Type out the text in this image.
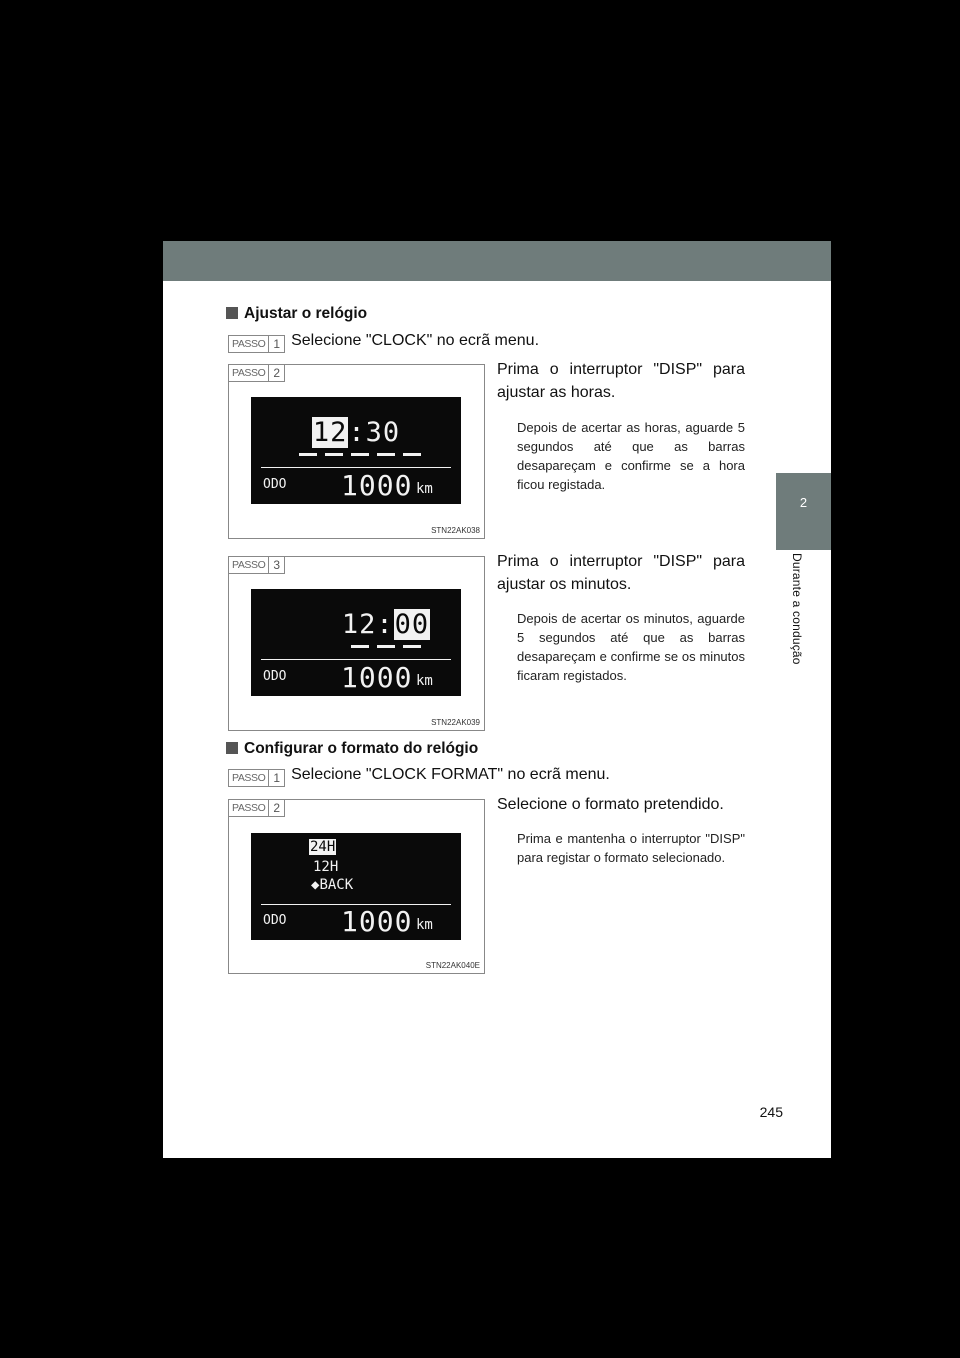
2
Durante a condução
Ajustar o relógio
PASSO 1 Selecione "CLOCK" no ecrã menu.
PASSO 2
12:30
ODO 1000 km
STN22AK038
Prima o interruptor "DISP" para ajustar as horas.
Depois de acertar as horas, aguarde 5 segundos até que as barras desapareçam e confirme se a hora ficou registada.
PASSO 3
12:00
ODO 1000 km
STN22AK039
Prima o interruptor "DISP" para ajustar os minutos.
Depois de acertar os minutos, aguarde 5 segundos até que as barras desapareçam e confirme se os minutos ficaram registados.
Configurar o formato do relógio
PASSO 1 Selecione "CLOCK FORMAT" no ecrã menu.
PASSO 2
24H
12H
◆BACK
ODO 1000 km
STN22AK040E
Selecione o formato pretendido.
Prima e mantenha o interruptor "DISP" para registar o formato selecionado.
245
